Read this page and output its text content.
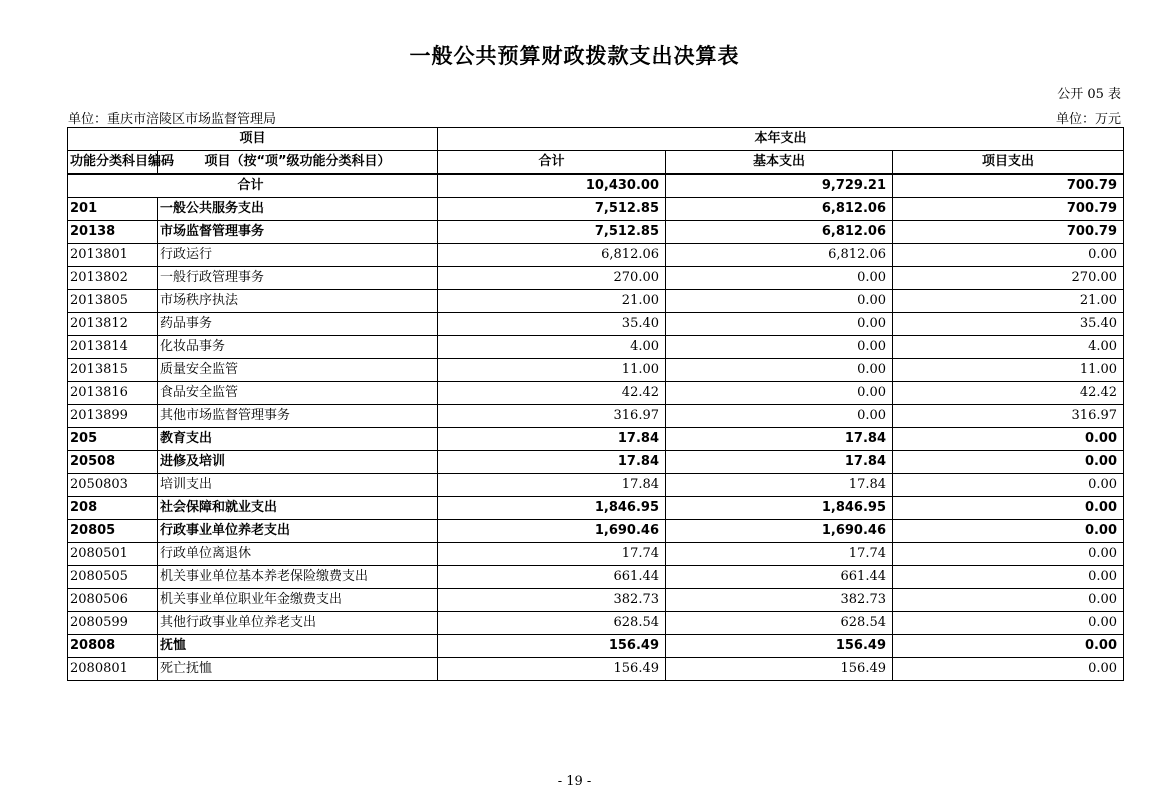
一般公共预算财政拨款支出决算表
公开 05 表
单位：重庆市涪陵区市场监督管理局	单位：万元
项目		本年支出		
功能分类科目编码	项目（按“项”级功能分类科目）	合计	基本支出	项目支出
合计		10,430.00	9,729.21	700.79
201	一般公共服务支出	7,512.85	6,812.06	700.79
20138	市场监督管理事务	7,512.85	6,812.06	700.79
2013801	行政运行	6,812.06	6,812.06	0.00
2013802	一般行政管理事务	270.00	0.00	270.00
2013805	市场秩序执法	21.00	0.00	21.00
2013812	药品事务	35.40	0.00	35.40
2013814	化妆品事务	4.00	0.00	4.00
2013815	质量安全监管	11.00	0.00	11.00
2013816	食品安全监管	42.42	0.00	42.42
2013899	其他市场监督管理事务	316.97	0.00	316.97
205	教育支出	17.84	17.84	0.00
20508	进修及培训	17.84	17.84	0.00
2050803	培训支出	17.84	17.84	0.00
208	社会保障和就业支出	1,846.95	1,846.95	0.00
20805	行政事业单位养老支出	1,690.46	1,690.46	0.00
2080501	行政单位离退休	17.74	17.74	0.00
2080505	机关事业单位基本养老保险缴费支出	661.44	661.44	0.00
2080506	机关事业单位职业年金缴费支出	382.73	382.73	0.00
2080599	其他行政事业单位养老支出	628.54	628.54	0.00
20808	抚恤	156.49	156.49	0.00
2080801	死亡抚恤	156.49	156.49	0.00
- 19 -
